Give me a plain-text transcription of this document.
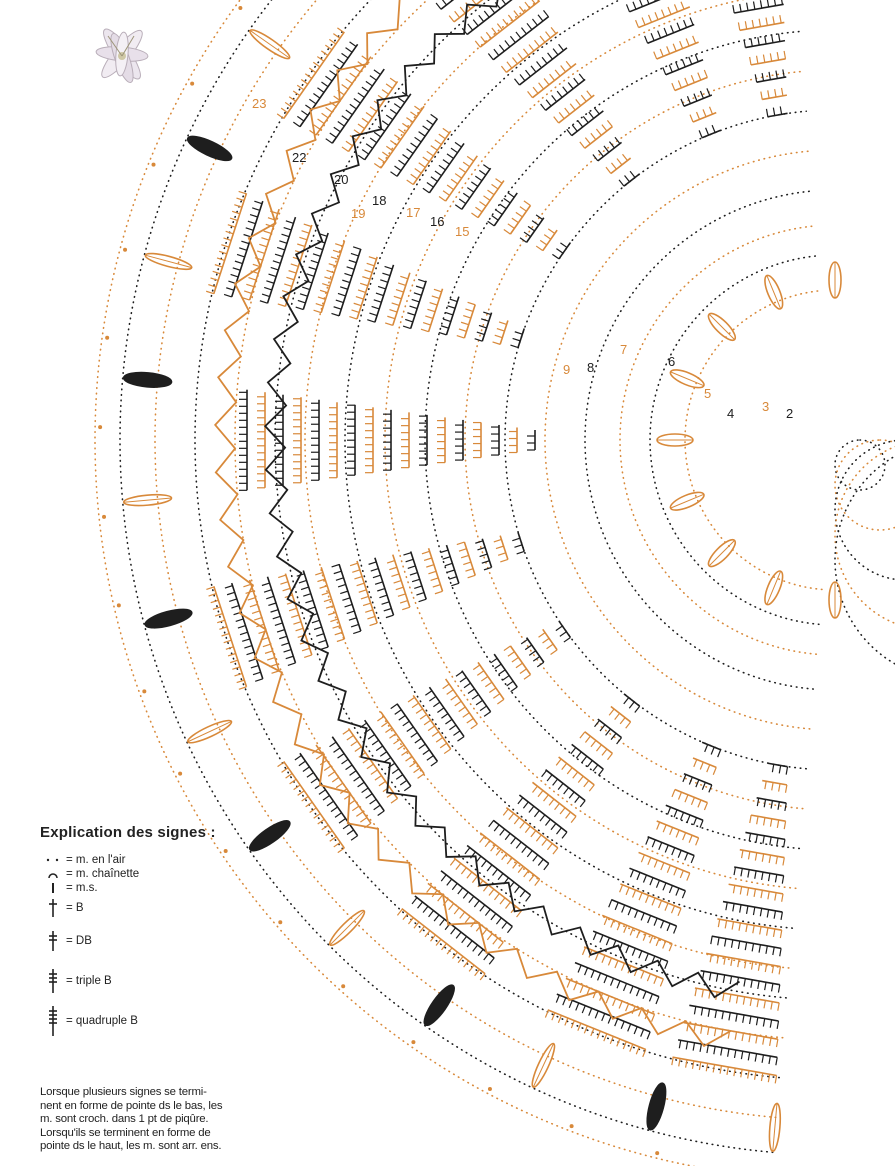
2
3
4
5
6
7
8
9
15
16
17
18
19
20
22
23
Explication des signes :
= m. en l'air
= m. chaînette
= m.s.
= B
= DB
= triple B
= quadruple B
Lorsque plusieurs signes se termi-
nent en forme de pointe ds le bas, les
m. sont croch. dans 1 pt de piqûre.
Lorsqu'ils se terminent en forme de
pointe ds le haut, les m. sont arr. ens.
